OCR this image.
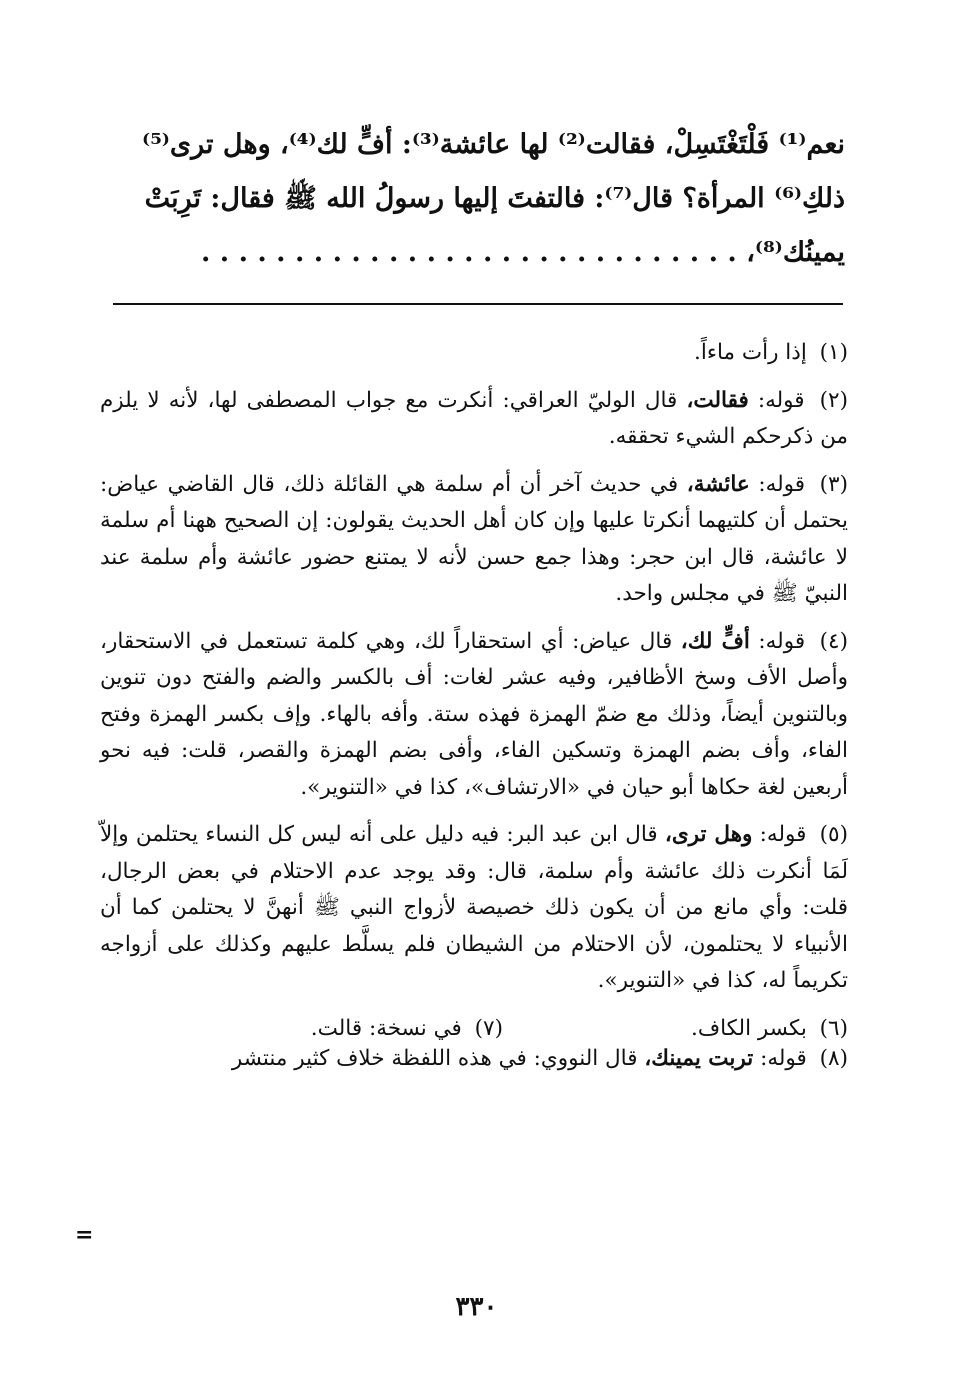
نعم⁽¹⁾ فَلْتَغْتَسِلْ، فقالت⁽²⁾ لها عائشة⁽³⁾: أفٍّ لك⁽⁴⁾، وهل ترى⁽⁵⁾
ذلكِ⁽⁶⁾ المرأة؟ قال⁽⁷⁾: فالتفتَ إليها رسولُ الله ﷺ فقال: تَرِبَتْ
يمينُك⁽⁸⁾، . . . . . . . . . . . . . . . . . . . . . . . . . . . . .

(١) إذا رأت ماءاً.

(٢) قوله: فقالت، قال الوليّ العراقي: أنكرت مع جواب المصطفى لها، لأنه لا يلزم من ذكرحكم الشيء تحققه.

(٣) قوله: عائشة، في حديث آخر أن أم سلمة هي القائلة ذلك، قال القاضي عياض: يحتمل أن كلتيهما أنكرتا عليها وإن كان أهل الحديث يقولون: إن الصحيح ههنا أم سلمة لا عائشة، قال ابن حجر: وهذا جمع حسن لأنه لا يمتنع حضور عائشة وأم سلمة عند النبيّ ﷺ في مجلس واحد.

(٤) قوله: أفٍّ لك، قال عياض: أي استحقاراً لك، وهي كلمة تستعمل في الاستحقار، وأصل الأف وسخ الأظافير، وفيه عشر لغات: أف بالكسر والضم والفتح دون تنوين وبالتنوين أيضاً، وذلك مع ضمّ الهمزة فهذه ستة. وأفه بالهاء. وإف بكسر الهمزة وفتح الفاء، وأف بضم الهمزة وتسكين الفاء، وأفى بضم الهمزة والقصر، قلت: فيه نحو أربعين لغة حكاها أبو حيان في «الارتشاف»، كذا في «التنوير».

(٥) قوله: وهل ترى، قال ابن عبد البر: فيه دليل على أنه ليس كل النساء يحتلمن وإلاّ لَمَا أنكرت ذلك عائشة وأم سلمة، قال: وقد يوجد عدم الاحتلام في بعض الرجال، قلت: وأي مانع من أن يكون ذلك خصيصة لأزواج النبي ﷺ أنهنَّ لا يحتلمن كما أن الأنبياء لا يحتلمون، لأن الاحتلام من الشيطان فلم يسلَّط عليهم وكذلك على أزواجه تكريماً له، كذا في «التنوير».

(٦) بكسر الكاف.
(٧) في نسخة: قالت.

(٨) قوله: تربت يمينك، قال النووي: في هذه اللفظة خلاف كثير منتشر

=
٣٣٠
